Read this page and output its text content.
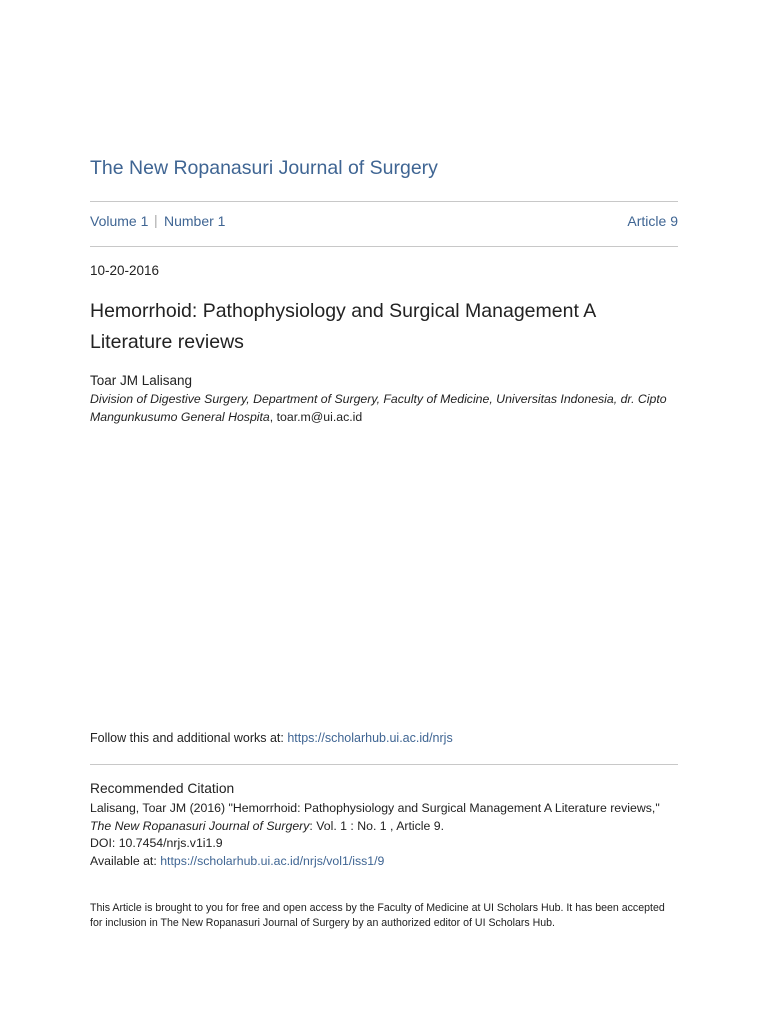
The New Ropanasuri Journal of Surgery
Volume 1 | Number 1	Article 9
10-20-2016
Hemorrhoid: Pathophysiology and Surgical Management A Literature reviews
Toar JM Lalisang
Division of Digestive Surgery, Department of Surgery, Faculty of Medicine, Universitas Indonesia, dr. Cipto Mangunkusumo General Hospita, toar.m@ui.ac.id
Follow this and additional works at: https://scholarhub.ui.ac.id/nrjs
Recommended Citation
Lalisang, Toar JM (2016) "Hemorrhoid: Pathophysiology and Surgical Management A Literature reviews,"
The New Ropanasuri Journal of Surgery: Vol. 1 : No. 1 , Article 9.
DOI: 10.7454/nrjs.v1i1.9
Available at: https://scholarhub.ui.ac.id/nrjs/vol1/iss1/9
This Article is brought to you for free and open access by the Faculty of Medicine at UI Scholars Hub. It has been accepted for inclusion in The New Ropanasuri Journal of Surgery by an authorized editor of UI Scholars Hub.
